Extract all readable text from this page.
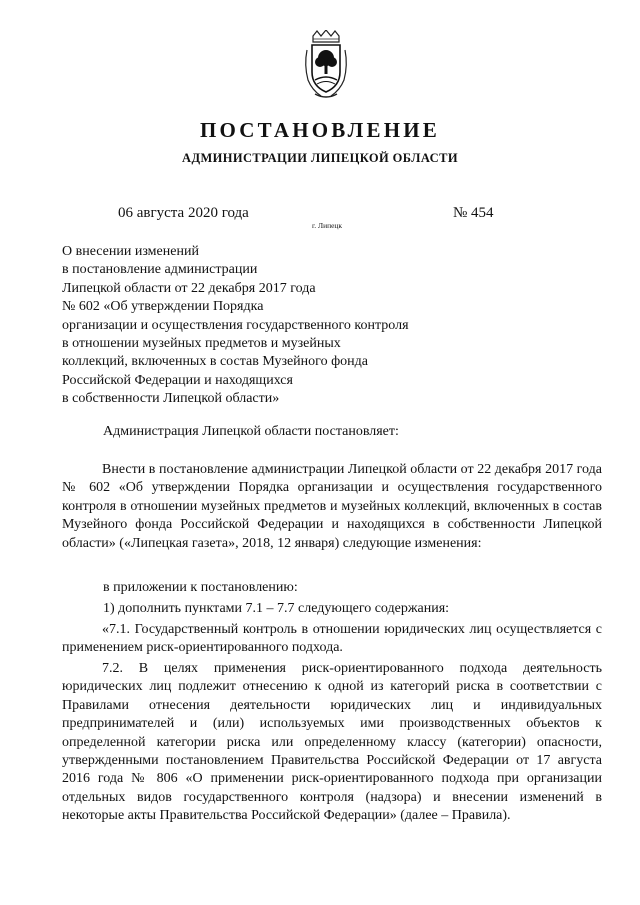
ПОСТАНОВЛЕНИЕ
АДМИНИСТРАЦИИ ЛИПЕЦКОЙ ОБЛАСТИ
06 августа 2020 года
г. Липецк
№ 454
О внесении изменений
в постановление администрации
Липецкой области от 22 декабря 2017 года
№ 602 «Об утверждении Порядка
организации и осуществления государственного контроля
в отношении музейных предметов и музейных
коллекций, включенных в состав Музейного фонда
Российской Федерации и находящихся
в собственности Липецкой области»
Администрация Липецкой области постановляет:
Внести в постановление администрации Липецкой области от 22 декабря 2017 года № 602 «Об утверждении Порядка организации и осуществления государственного контроля в отношении музейных предметов и музейных коллекций, включенных в состав Музейного фонда Российской Федерации и находящихся в собственности Липецкой области» («Липецкая газета», 2018, 12 января) следующие изменения:
в приложении к постановлению:
1) дополнить пунктами 7.1 – 7.7 следующего содержания:
«7.1. Государственный контроль в отношении юридических лиц осуществляется с применением риск-ориентированного подхода.
7.2. В целях применения риск-ориентированного подхода деятельность юридических лиц подлежит отнесению к одной из категорий риска в соответствии с Правилами отнесения деятельности юридических лиц и индивидуальных предпринимателей и (или) используемых ими производственных объектов к определенной категории риска или определенному классу (категории) опасности, утвержденными постановлением Правительства Российской Федерации от 17 августа 2016 года № 806 «О применении риск-ориентированного подхода при организации отдельных видов государственного контроля (надзора) и внесении изменений в некоторые акты Правительства Российской Федерации» (далее – Правила).
